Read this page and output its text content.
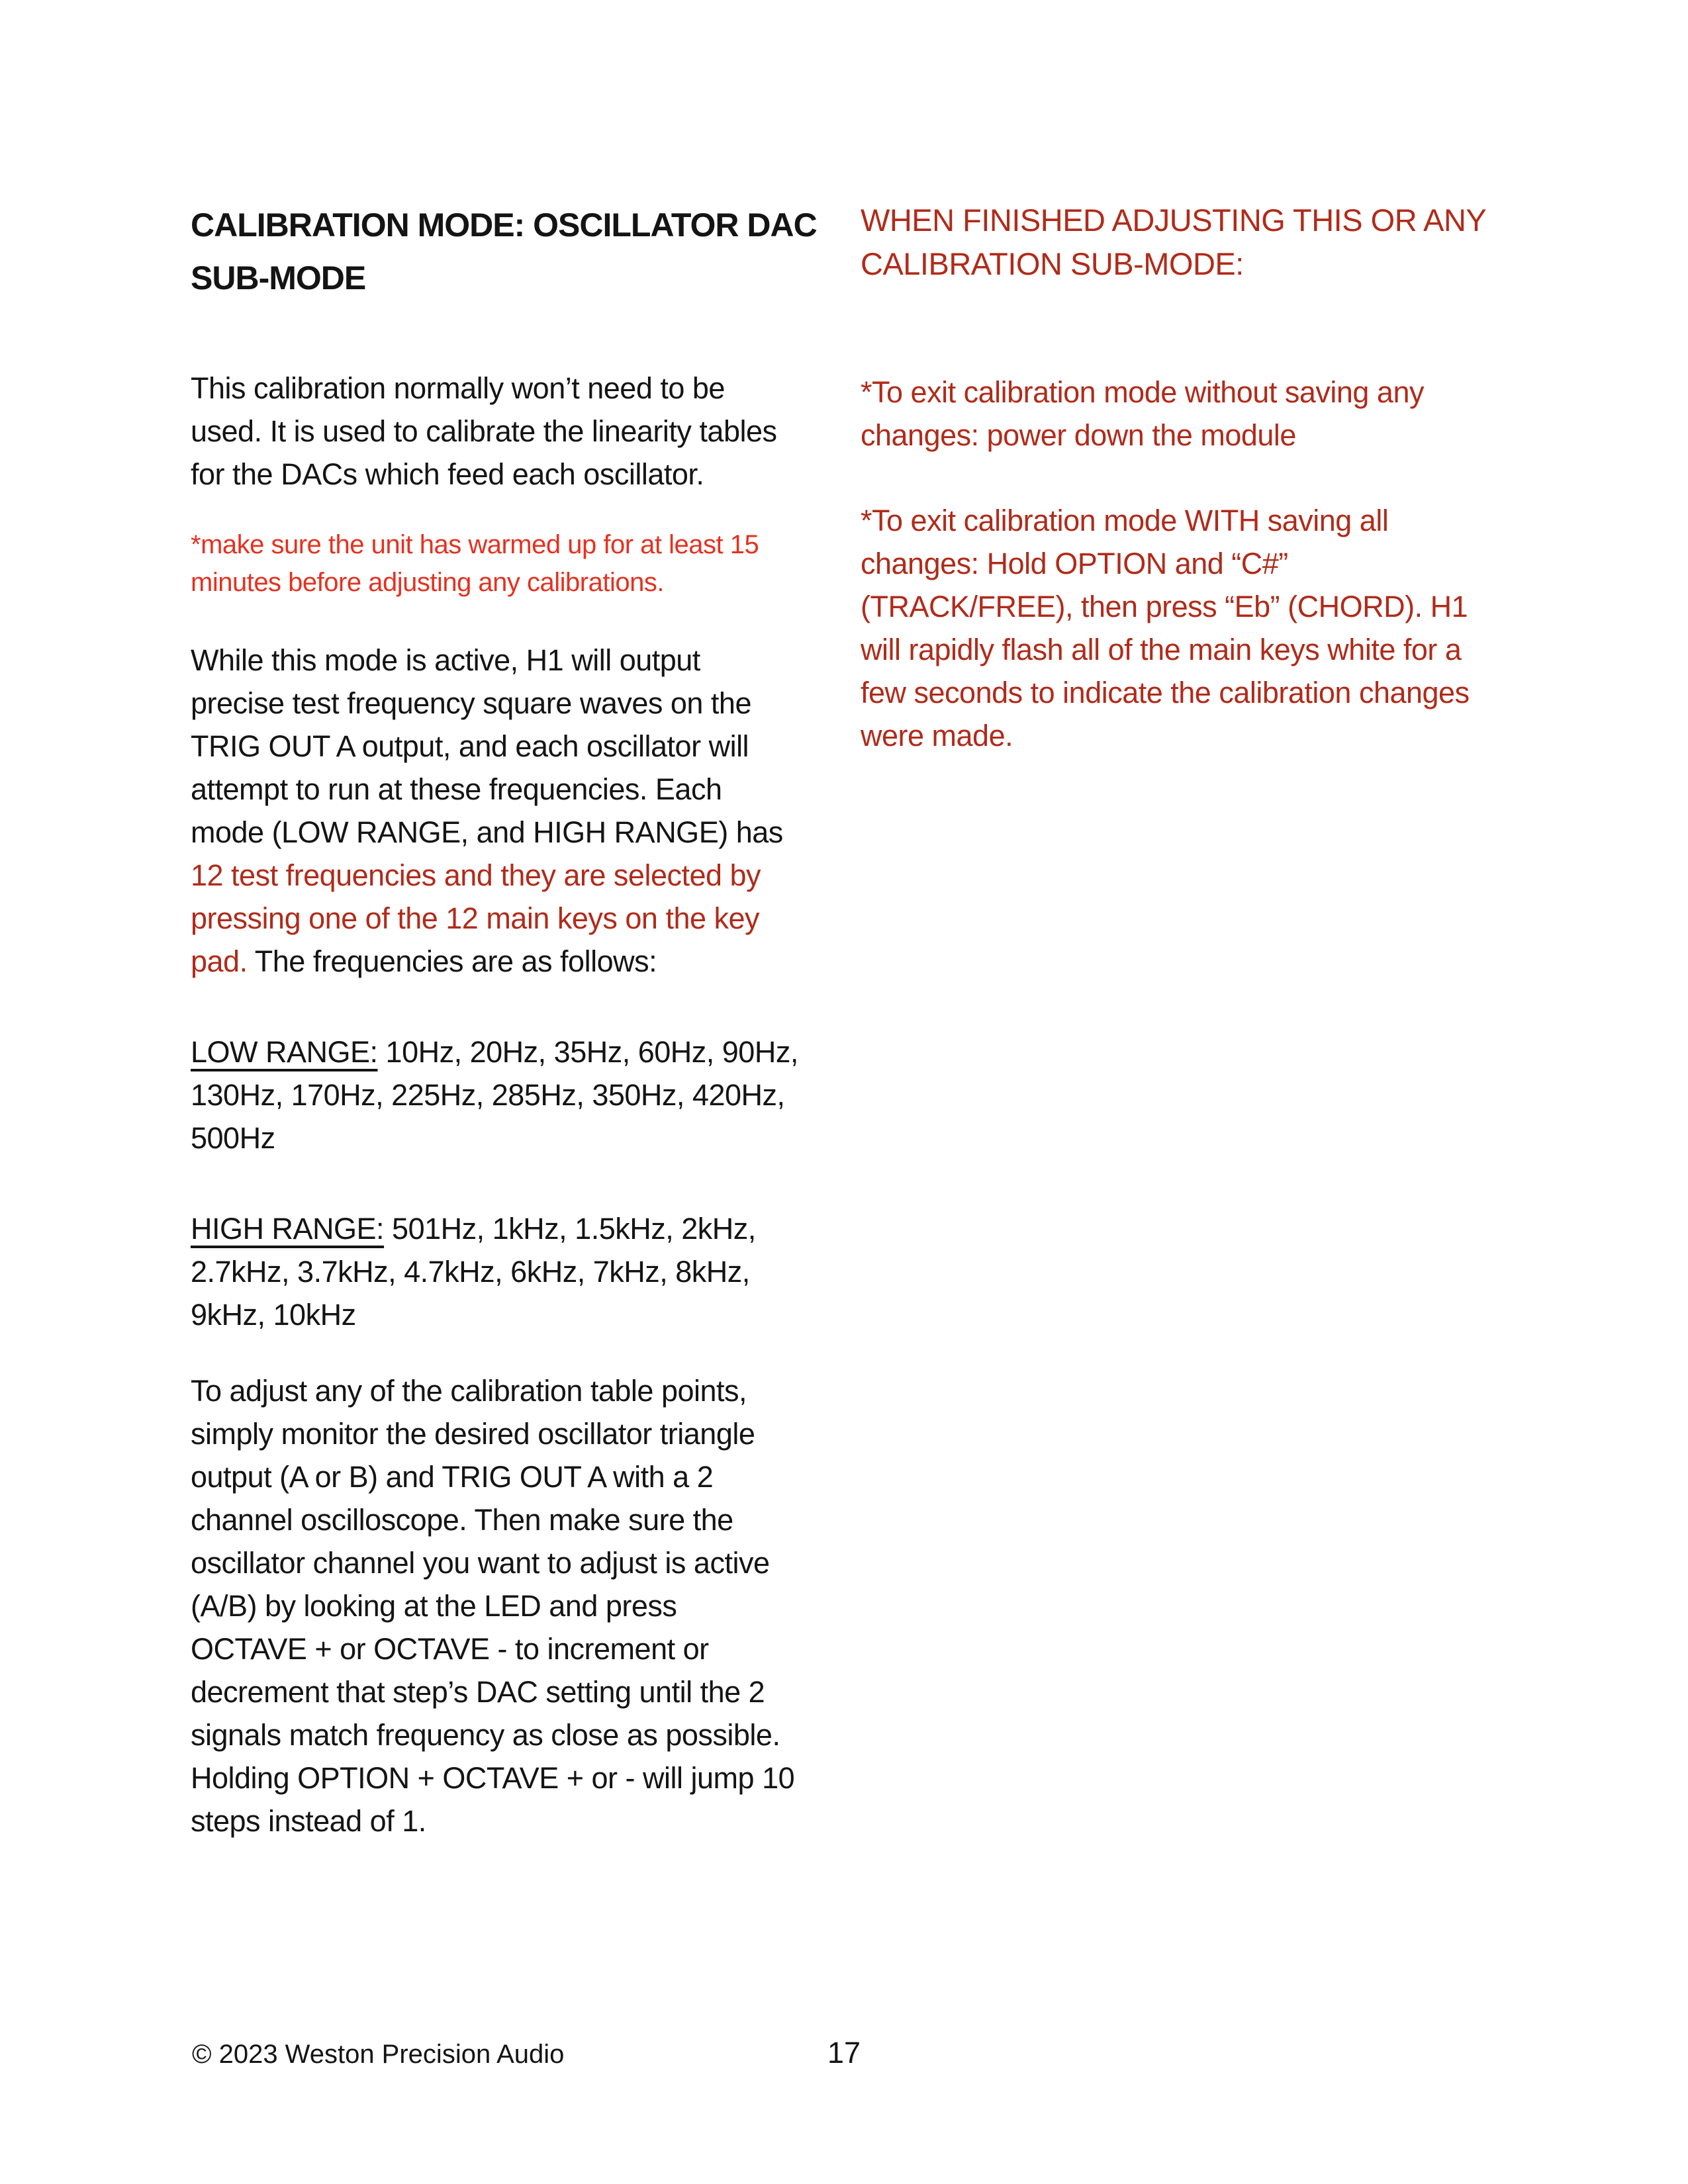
CALIBRATION MODE: OSCILLATOR DAC SUB-MODE
This calibration normally won’t need to be used. It is used to calibrate the linearity tables for the DACs which feed each oscillator.
*make sure the unit has warmed up for at least 15 minutes before adjusting any calibrations.
While this mode is active, H1 will output precise test frequency square waves on the TRIG OUT A output, and each oscillator will attempt to run at these frequencies. Each mode (LOW RANGE, and HIGH RANGE) has 12 test frequencies and they are selected by pressing one of the 12 main keys on the key pad. The frequencies are as follows:
LOW RANGE: 10Hz, 20Hz, 35Hz, 60Hz, 90Hz, 130Hz, 170Hz, 225Hz, 285Hz, 350Hz, 420Hz, 500Hz
HIGH RANGE: 501Hz, 1kHz, 1.5kHz, 2kHz, 2.7kHz, 3.7kHz, 4.7kHz, 6kHz, 7kHz, 8kHz, 9kHz, 10kHz
To adjust any of the calibration table points, simply monitor the desired oscillator triangle output (A or B) and TRIG OUT A with a 2 channel oscilloscope. Then make sure the oscillator channel you want to adjust is active (A/B) by looking at the LED and press OCTAVE + or OCTAVE - to increment or decrement that step’s DAC setting until the 2 signals match frequency as close as possible. Holding OPTION + OCTAVE + or - will jump 10 steps instead of 1.
WHEN FINISHED ADJUSTING THIS OR ANY CALIBRATION SUB-MODE:
*To exit calibration mode without saving any changes: power down the module
*To exit calibration mode WITH saving all changes: Hold OPTION and “C#” (TRACK/FREE), then press “Eb” (CHORD). H1 will rapidly flash all of the main keys white for a few seconds to indicate the calibration changes were made.
© 2023 Weston Precision Audio	17
